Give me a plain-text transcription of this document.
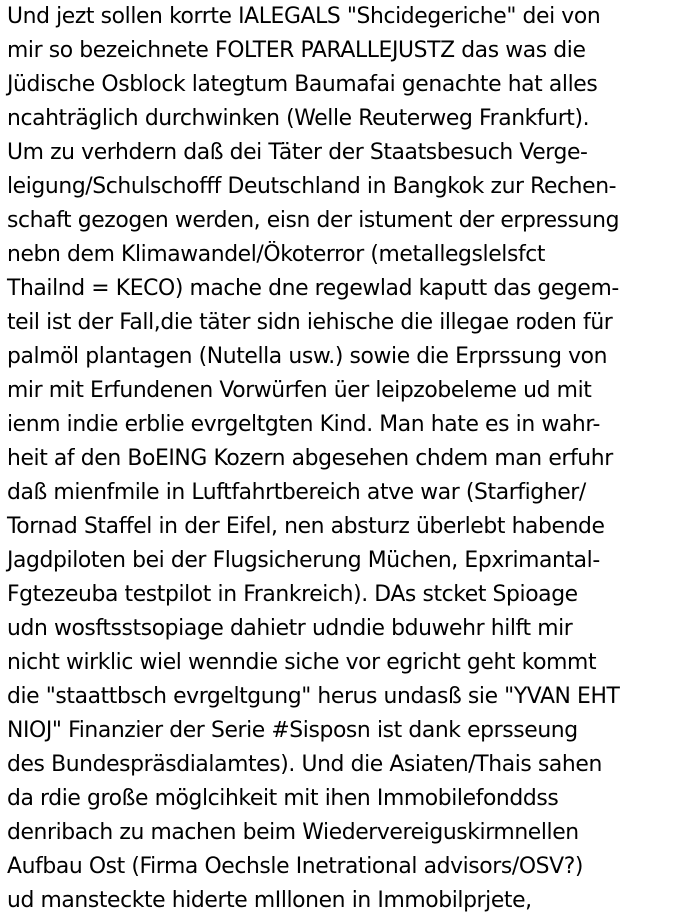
Und jezt sollen korrte IALEGALS "Shcidegeriche" dei von
mir so bezeichnete FOLTER PARALLEJUSTZ das was die
Jüdische Osblock lategtum Baumafai genachte hat alles
ncahträglich durchwinken (Welle Reuterweg Frankfurt).
Um zu verhdern daß dei Täter der Staatsbesuch Verge-
leigung/Schulschofff Deutschland in Bangkok zur Rechen-
schaft gezogen werden, eisn der istument der erpressung
nebn dem Klimawandel/Ökoterror (metallegslelsfct
Thailnd = KECO) mache dne regewlad kaputt das gegem-
teil ist der Fall,die täter sidn iehische die illegae roden für
palmöl plantagen (Nutella usw.) sowie die Erprssung von
mir mit Erfundenen Vorwürfen üer leipzobeleme ud mit
ienm indie erblie evrgeltgten Kind. Man hate es in wahr-
heit af den BoEING Kozern abgesehen chdem man erfuhr
daß mienfmile in Luftfahrtbereich atve war (Starfigher/
Tornad Staffel in der Eifel, nen absturz überlebt habende
Jagdpiloten bei der Flugsicherung Müchen, Epxrimantal-
Fgtezeuba testpilot in Frankreich). DAs stcket Spioage
udn wosftsstsopiage dahietr udndie bduwehr hilft mir
nicht wirklic wiel wenndie siche vor egricht geht kommt
die "staattbsch evrgeltgung" herus undasß sie "YVAN EHT
NIOJ" Finanzier der Serie #Sisposn ist dank eprsseung
des Bundespräsdialamtes). Und die Asiaten/Thais sahen
da rdie große möglcihkeit mit ihen Immobilefonddss
denribach zu machen beim Wiedervereiguskirmnellen
Aufbau Ost (Firma Oechsle Inetrational advisors/OSV?)
ud mansteckte hiderte mIllonen in Immobilprjete,
